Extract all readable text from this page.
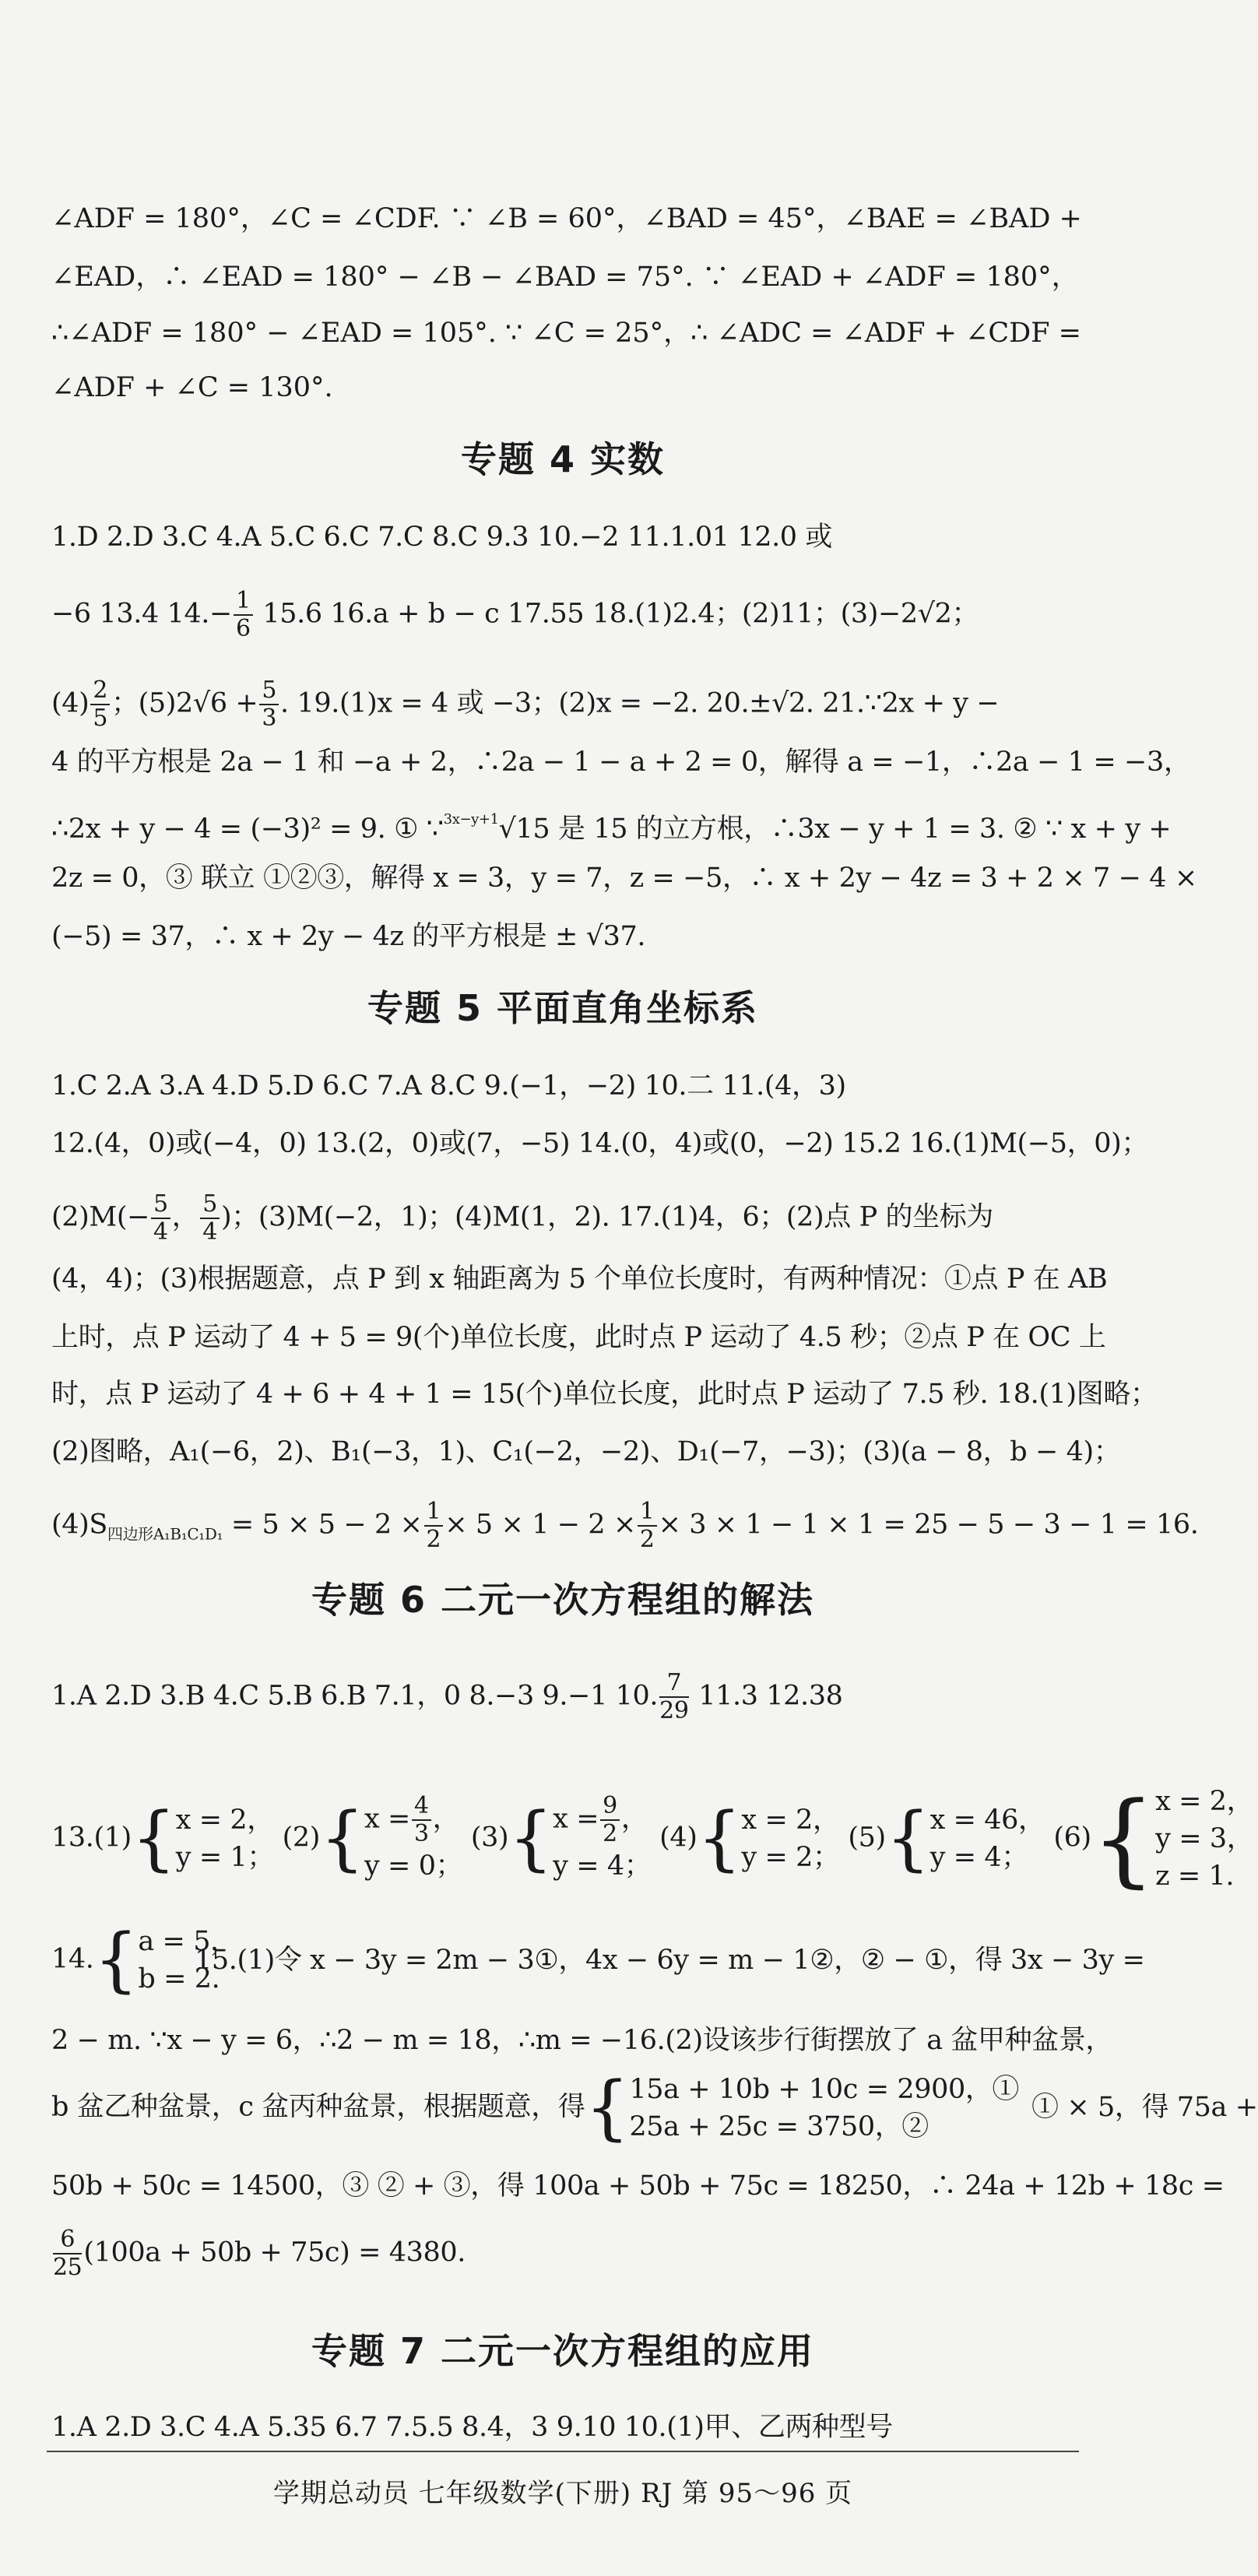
∠ADF = 180°，∠C = ∠CDF. ∵ ∠B = 60°，∠BAD = 45°，∠BAE = ∠BAD +
∠EAD，∴ ∠EAD = 180° − ∠B − ∠BAD = 75°. ∵ ∠EAD + ∠ADF = 180°，
∴∠ADF = 180° − ∠EAD = 105°. ∵ ∠C = 25°，∴ ∠ADC = ∠ADF + ∠CDF =
∠ADF + ∠C = 130°.
专题 4 实数
1.D 2.D 3.C 4.A 5.C 6.C 7.C 8.C 9.3 10.−2 11.1.01 12.0 或
−6 13.4 $14.- \frac{1}{6} 15.6$ 16.a + b − c 17.55 18.(1)2.4；(2)11；(3)−2√2；
$(4) \frac{2}{5}$ ；$(5)2√6 + \frac{5}{3}$ . 19.(1)x = 4 或 −3；(2)x = −2. 20.±√2. 21.∵2x + y −
4 的平方根是 2a − 1 和 −a + 2，∴2a − 1 − a + 2 = 0，解得 a = −1，∴2a − 1 = −3，
∴2x + y − 4 = (−3)² = 9. ① ∵$^{3x-y+1}$√15 是 15 的立方根，∴3x − y + 1 = 3. ② ∵ x + y +
2z = 0，③ 联立 ①②③，解得 x = 3，y = 7，z = −5，∴ x + 2y − 4z = 3 + 2 × 7 − 4 ×
(−5) = 37，∴ x + 2y − 4z 的平方根是 ± √37.
专题 5 平面直角坐标系
1.C 2.A 3.A 4.D 5.D 6.C 7.A 8.C 9.(−1，−2) 10.二 11.(4，3)
12.(4，0)或(−4，0) 13.(2，0)或(7，−5) 14.(0，4)或(0，−2) 15.2 16.(1)M(−5，0)；
$(2)M(- \frac{5}{4}$ ， $\frac{5}{4}$ )；(3)M(−2，1)；(4)M(1，2). 17.(1)4，6；(2)点 P 的坐标为
(4，4)；(3)根据题意，点 P 到 x 轴距离为 5 个单位长度时，有两种情况：①点 P 在 AB
上时，点 P 运动了 4 + 5 = 9(个)单位长度，此时点 P 运动了 4.5 秒；②点 P 在 OC 上
时，点 P 运动了 4 + 6 + 4 + 1 = 15(个)单位长度，此时点 P 运动了 7.5 秒. 18.(1)图略；
(2)图略，A₁(−6，2)、B₁(−3，1)、C₁(−2，−2)、D₁(−7，−3)；(3)(a − 8，b − 4)；
$(4)S_{四边形A_1B_1C_1D_1} = 5 \times 5 - 2 \times \frac{1}{2} \times 5 \times 1 - 2 \times \frac{1}{2} \times 3 \times 1 - 1 \times 1 = 25 - 5 - 3 - 1 = 16$.
专题 6 二元一次方程组的解法
1.A 2.D 3.B 4.C 5.B 6.B 7.1，0 8.−3 9.−1 10. $\frac{7}{29} 11.3$ 12.38
13.(1){x = 2，
y = 1； $(2)\{x = \frac{4}{3}$ ，
y = 0； $(3)\{x = \frac{9}{2}$ ，
y = 4； (4){x = 2，
y = 2； (5){x = 46，
y = 4； (6){x = 2，
y = 3，
z = 1.
14.{a = 5，
b = 2.
15.(1)令 x − 3y = 2m − 3①，4x − 6y = m − 1②，② − ①，得 3x − 3y =
2 − m. ∵x − y = 6，∴2 − m = 18，∴m = −16.(2)设该步行街摆放了 a 盆甲种盆景，
b 盆乙种盆景，c 盆丙种盆景，根据题意，得{15a + 10b + 10c = 2900，①
25a + 25c = 3750，②① × 5，得 75a +
50b + 50c = 14500，③ ② + ③，得 100a + 50b + 75c = 18250，∴ 24a + 12b + 18c =
$\frac{6}{25} (100a + 50b + 75c) = 4380$.
专题 7 二元一次方程组的应用
1.A 2.D 3.C 4.A 5.35 6.7 7.5.5 8.4，3 9.10 10.(1)甲、乙两种型号
学期总动员 七年级数学(下册) RJ 第 95～96 页
